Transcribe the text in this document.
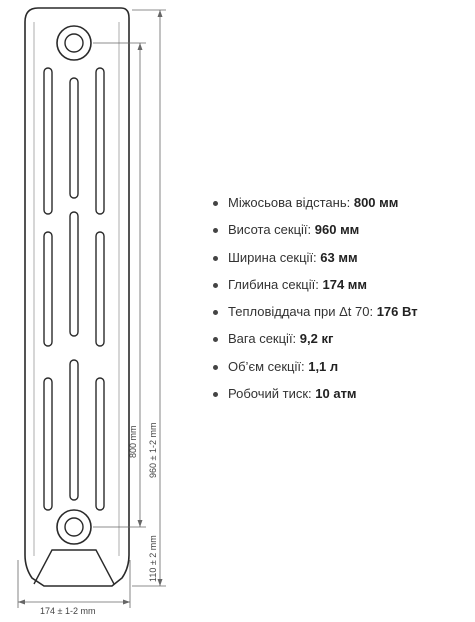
800 mm 960 ± 1-2 mm
110 ± 2 mm
174 ± 1-2 mm
Міжосьова відстань: 800 мм
Висота секції: 960 мм
Ширина секції: 63 мм
Глибина секції: 174 мм
Тепловіддача при Δt 70: 176 Вт
Вага секції: 9,2 кг
Об’єм секції: 1,1 л
Робочий тиск: 10 атм
